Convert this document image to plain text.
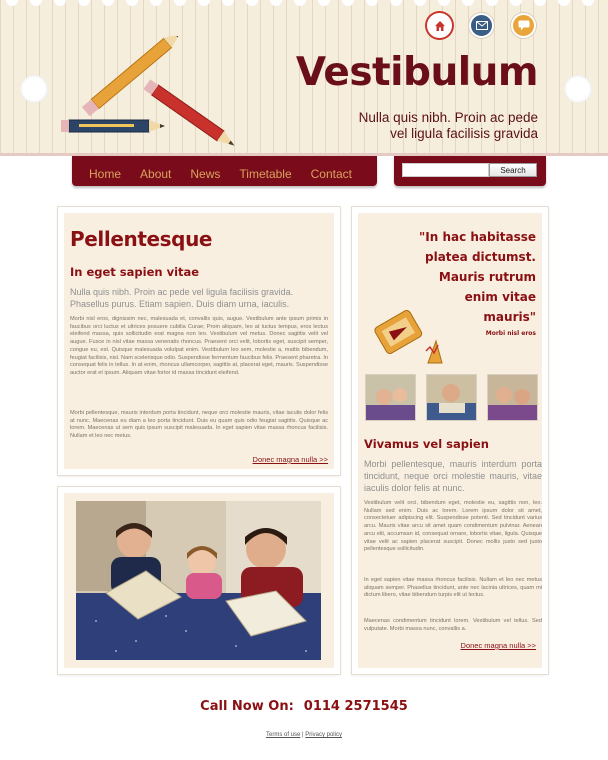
Vestibulum
Nulla quis nibh. Proin ac pede
vel ligula facilisis gravida
Home About News Timetable Contact	Search
Pellentesque
In eget sapien vitae

Nulla quis nibh. Proin ac pede vel ligula facilisis gravida. Phasellus purus. Etiam sapien. Duis diam urna, iaculis.

Morbi nisl eros, dignissim nec, malesuada et, convallis quis, augue. Vestibulum ante ipsum primis in faucibus orci luctus et ultrices posuere cubilia Curae; Proin aliquam, leo at luctus tempus, eros lectus eleifend massa, quis sollicitudin erat magna non leo. Vestibulum vel metus. Donec sagittis velit vel augue. Fusce in nisl vitae massa venenatis rhoncus. Praesent orci velit, lobortis eget, suscipit semper, congue eu, est. Quisque malesuada volutpat enim. Vestibulum leo sem, molestie a, mattis bibendum, feugiat facilisis, nisl. Nam scelerisque odio. Suspendisse fermentum faucibus felis. Praesent pharetra. In consequat felis in tellus. In at enim, rhoncus ullamcorper, sagittis at, placerat eget, mauris. Suspendisse auctor erat et ipsum. Aliquam vitae fortor id massa tincidunt eleifend.

Morbi pellentesque, mauris interdum porta tincidunt, neque orci molestie mauris, vitae iaculis dolor felis at nunc. Maecenas eu diam a leo porta tincidunt. Duis eu quam quis odio feugiat sagittis. Quisque ac lorem. Maecenas ut sem quis ipsum suscipit malesuada. In eget sapien vitae massa rhoncus facilisis. Nullam et leo nec metus.

Donec magna nulla >>
"In hac habitasse
platea dictumst.
Mauris rutrum
enim vitae
mauris"
Morbi nisl eros
Vivamus vel sapien

Morbi pellentesque, mauris interdum porta tincidunt, neque orci molestie mauris, vitae iaculis dolor felis at nunc.

Vestibulum velit orci, bibendum eget, molestie eu, sagittis non, leo. Nullam sed enim. Duis ac lorem. Lorem ipsum dolor sit amet, consectetuer adipiscing elit. Suspendisse potenti. Sed tincidunt varius arcu. Mauris vitae arcu sit amet quam condimentum pulvinar. Aenean arcu elit, accumsan id, consequat ornare, lobortis vitae, ligula. Quisque vitae velit ac sapien placerat suscipit. Donec mollis justo sed justo pellentesque sollicitudin.

In eget sapien vitae massa rhoncus facilisis. Nullam et leo nec metus aliquam semper. Phasellus tincidunt, ante nec lacinia ultrices, quam mi dictum libero, vitae bibendum turpis elit ut lectus.

Maecenas condimentum tincidunt lorem. Vestibulum vel tellus. Sed vulputate. Morbi massa nunc, convallis a.

Donec magna nulla >>
Call Now On: 0114 2571545
Terms of use | Privacy policy
